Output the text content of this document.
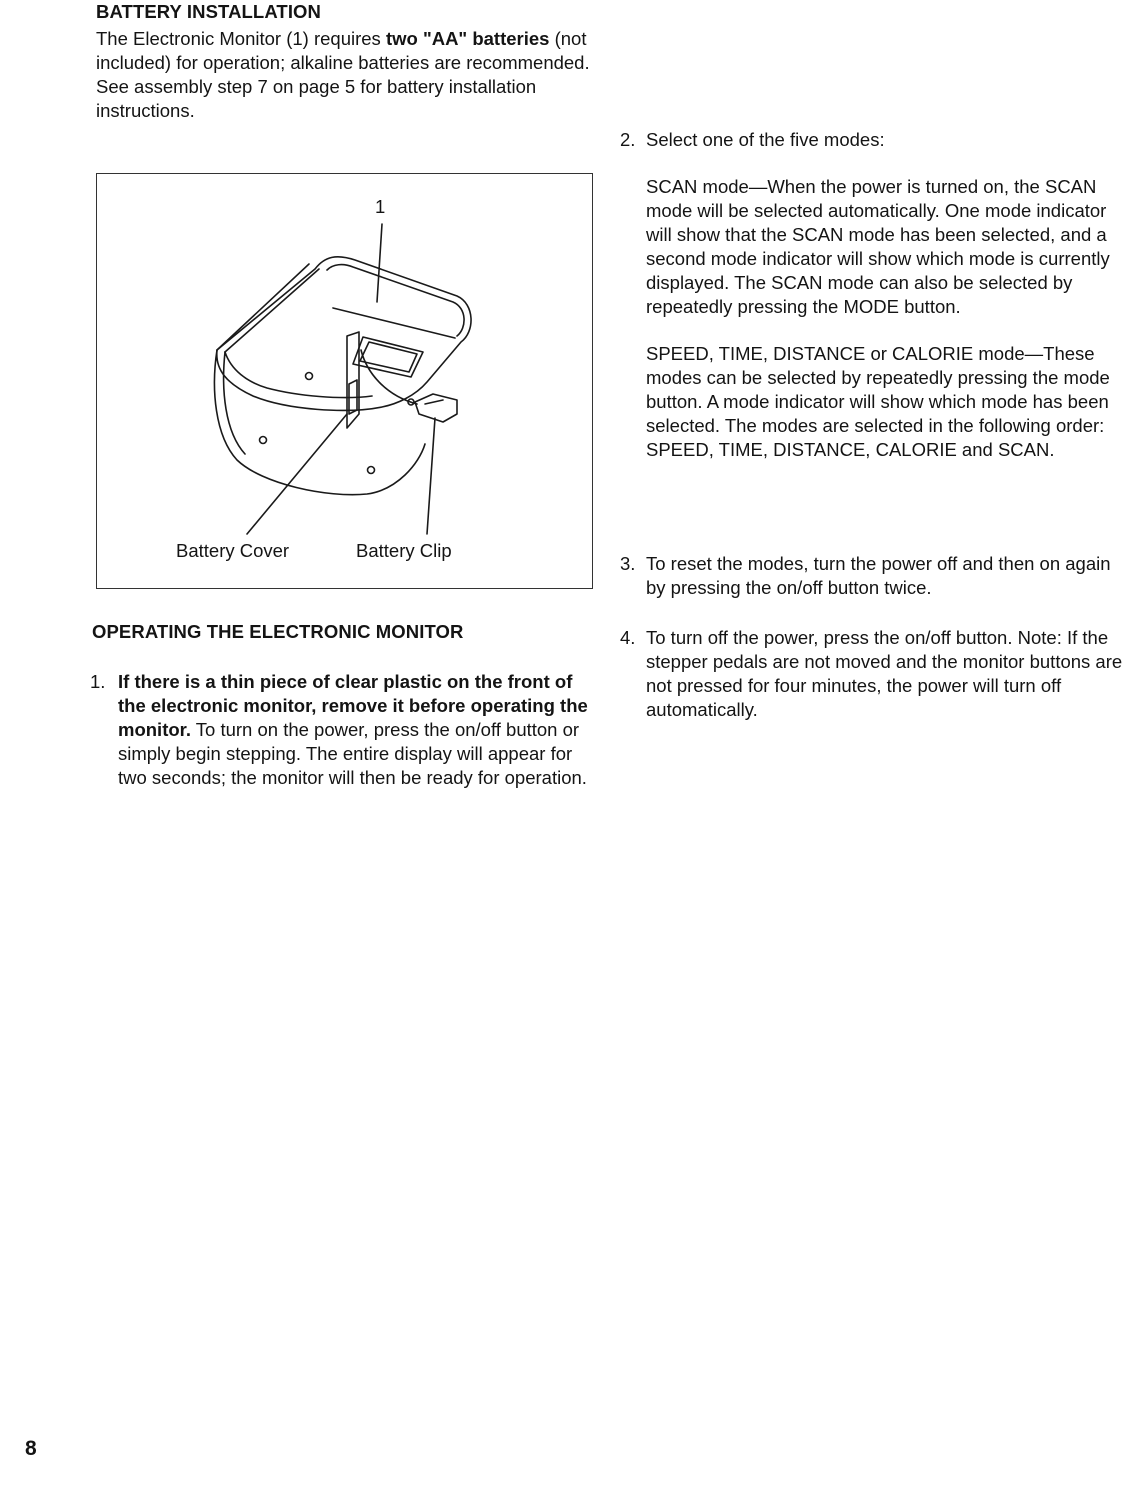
BATTERY INSTALLATION

The Electronic Monitor (1) requires two "AA" batteries (not included) for operation; alkaline batteries are recommended. See assembly step 7 on page 5 for battery installation instructions.

OPERATING THE ELECTRONIC MONITOR
1. If there is a thin piece of clear plastic on the front of the electronic monitor, remove it before operating the monitor. To turn on the power, press the on/off button or simply begin stepping. The entire display will appear for two seconds; the monitor will then be ready for operation.
1
Battery Cover	Battery Clip

2. Select one of the five modes:

SCAN mode—When the power is turned on, the SCAN mode will be selected automatically. One mode indicator will show that the SCAN mode has been selected, and a second mode indicator will show which mode is currently displayed. The SCAN mode can also be selected by repeatedly pressing the MODE button.

SPEED, TIME, DISTANCE or CALORIE mode—These modes can be selected by repeatedly pressing the mode button. A mode indicator will show which mode has been selected. The modes are selected in the following order: SPEED, TIME, DISTANCE, CALORIE and SCAN.

3. To reset the modes, turn the power off and then on again by pressing the on/off button twice.
4. To turn off the power, press the on/off button. Note: If the stepper pedals are not moved and the monitor buttons are not pressed for four minutes, the power will turn off automatically.
8
